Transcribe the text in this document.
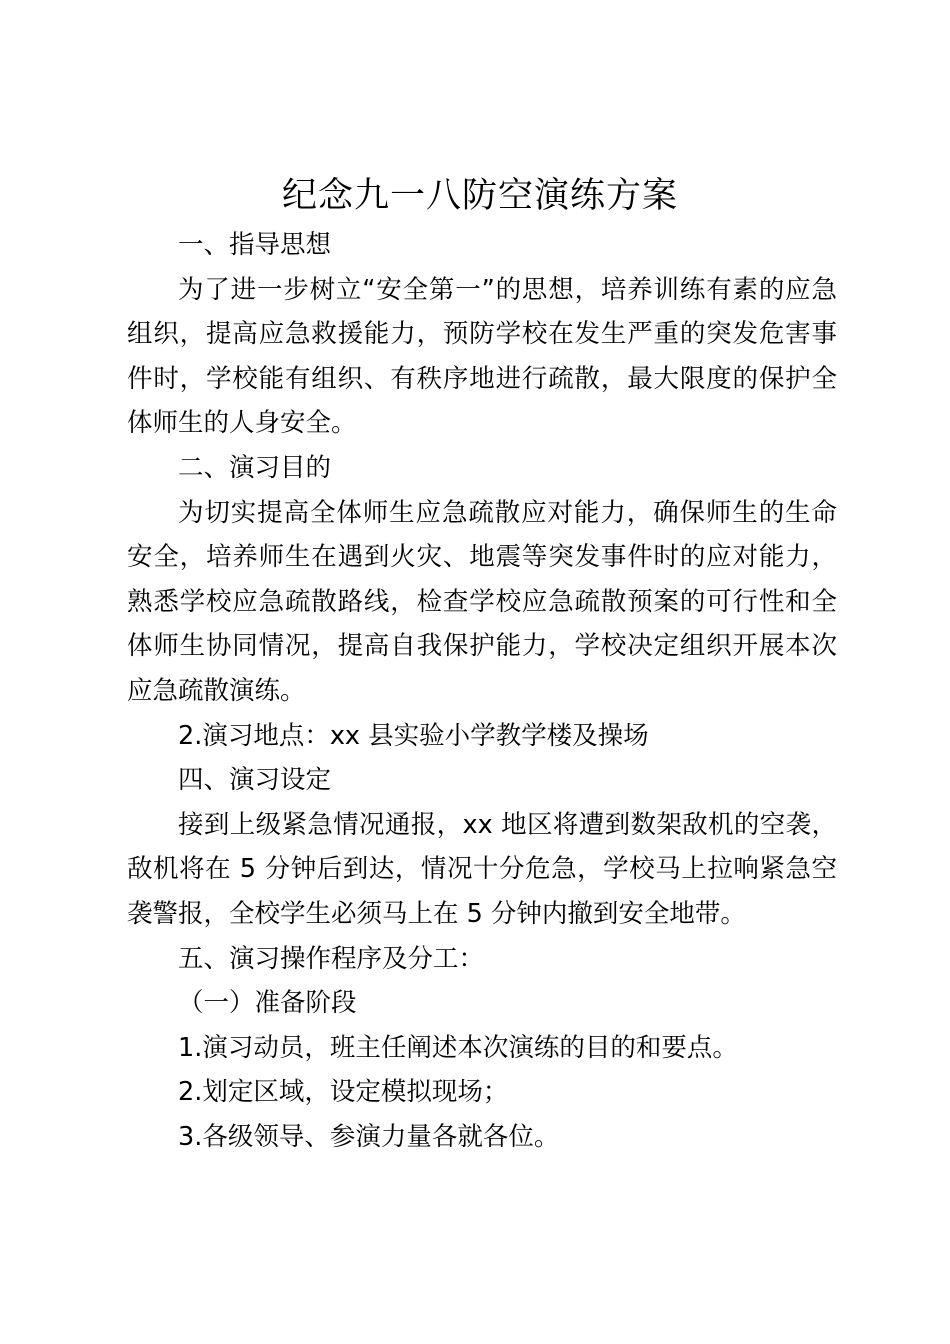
纪念九一八防空演练方案

一、指导思想

为了进一步树立“安全第一”的思想，培养训练有素的应急组织，提高应急救援能力，预防学校在发生严重的突发危害事件时，学校能有组织、有秩序地进行疏散，最大限度的保护全体师生的人身安全。

二、演习目的

为切实提高全体师生应急疏散应对能力，确保师生的生命安全，培养师生在遇到火灾、地震等突发事件时的应对能力，熟悉学校应急疏散路线，检查学校应急疏散预案的可行性和全体师生协同情况，提高自我保护能力，学校决定组织开展本次应急疏散演练。

2.演习地点：xx 县实验小学教学楼及操场

四、演习设定

接到上级紧急情况通报，xx 地区将遭到数架敌机的空袭，敌机将在 5 分钟后到达，情况十分危急，学校马上拉响紧急空袭警报，全校学生必须马上在 5 分钟内撤到安全地带。

五、演习操作程序及分工：

（一）准备阶段

1.演习动员，班主任阐述本次演练的目的和要点。

2.划定区域，设定模拟现场；

3.各级领导、参演力量各就各位。
